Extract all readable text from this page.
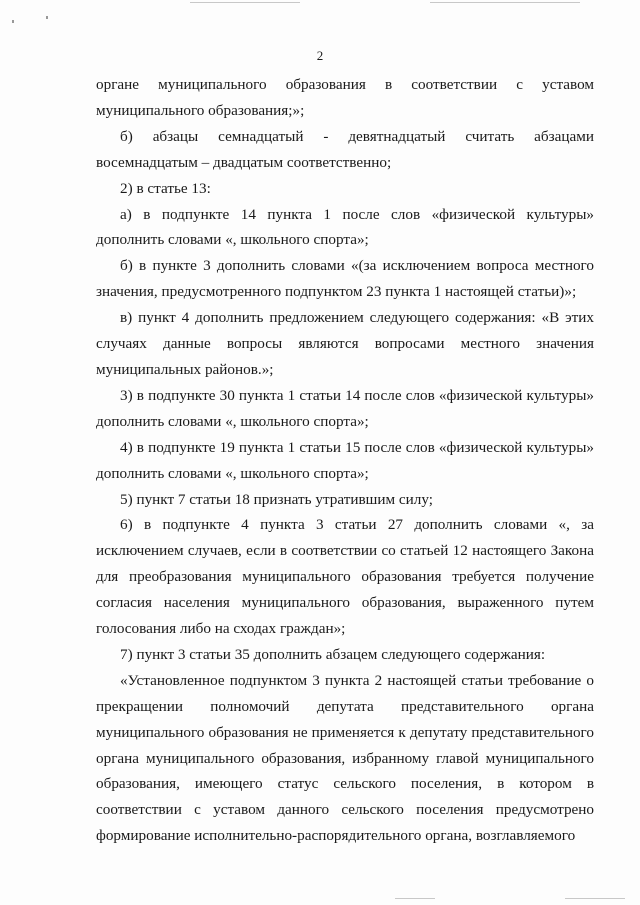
2

органе муниципального образования в соответствии с уставом муниципального образования;»;

б) абзацы семнадцатый - девятнадцатый считать абзацами восемнадцатым – двадцатым соответственно;

2) в статье 13:

а) в подпункте 14 пункта 1 после слов «физической культуры» дополнить словами «, школьного спорта»;

б) в пункте 3 дополнить словами «(за исключением вопроса местного значения, предусмотренного подпунктом 23 пункта 1 настоящей статьи)»;

в) пункт 4 дополнить предложением следующего содержания: «В этих случаях данные вопросы являются вопросами местного значения муниципальных районов.»;

3) в подпункте 30 пункта 1 статьи 14 после слов «физической культуры» дополнить словами «, школьного спорта»;

4) в подпункте 19 пункта 1 статьи 15 после слов «физической культуры» дополнить словами «, школьного спорта»;

5) пункт 7 статьи 18 признать утратившим силу;

6) в подпункте 4 пункта 3 статьи 27 дополнить словами «, за исключением случаев, если в соответствии со статьей 12 настоящего Закона для преобразования муниципального образования требуется получение согласия населения муниципального образования, выраженного путем голосования либо на сходах граждан»;

7) пункт 3 статьи 35 дополнить абзацем следующего содержания:

«Установленное подпунктом 3 пункта 2 настоящей статьи требование о прекращении полномочий депутата представительного органа муниципального образования не применяется к депутату представительного органа муниципального образования, избранному главой муниципального образования, имеющего статус сельского поселения, в котором в соответствии с уставом данного сельского поселения предусмотрено формирование исполнительно-распорядительного органа, возглавляемого
